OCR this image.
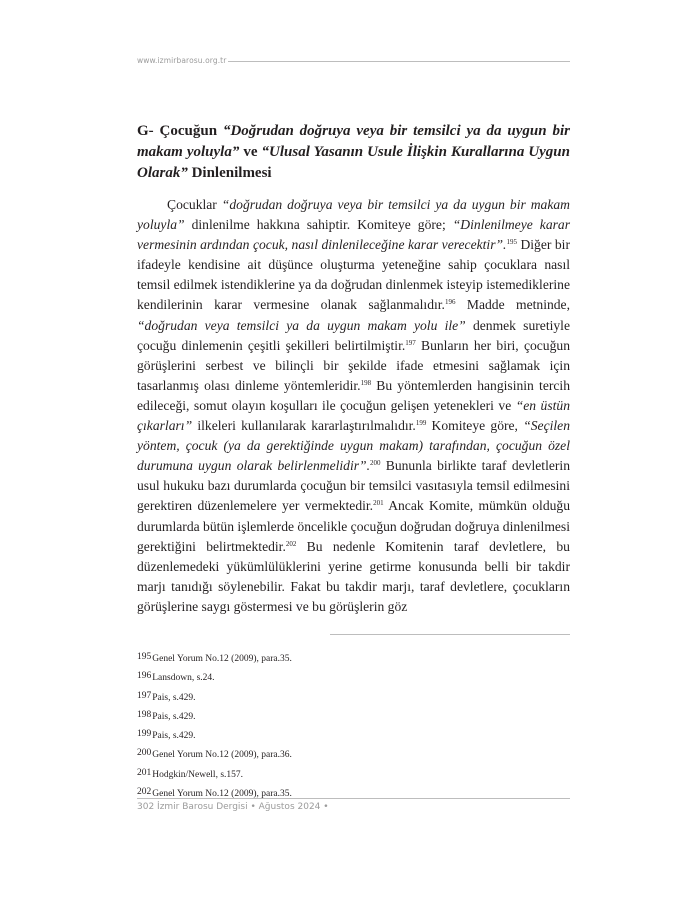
www.izmirbarosu.org.tr
G- Çocuğun “Doğrudan doğruya veya bir temsilci ya da uygun bir makam yoluyla” ve “Ulusal Yasanın Usule İlişkin Kurallarına Uygun Olarak” Dinlenilmesi

Çocuklar “doğrudan doğruya veya bir temsilci ya da uygun bir makam yoluyla” dinlenilme hakkına sahiptir. Komiteye göre; “Dinlenilmeye karar vermesinin ardından çocuk, nasıl dinlenileceğine karar verecektir”.$^{195}$ Diğer bir ifadeyle kendisine ait düşünce oluşturma yeteneğine sahip çocuklara nasıl temsil edilmek istendiklerine ya da doğrudan dinlenmek isteyip istemediklerine kendilerinin karar vermesine olanak sağlanmalıdır.$^{196}$ Madde metninde, “doğrudan veya temsilci ya da uygun makam yolu ile” denmek suretiyle çocuğu dinlemenin çeşitli şekilleri belirtilmiştir.$^{197}$ Bunların her biri, çocuğun görüşlerini serbest ve bilinçli bir şekilde ifade etmesini sağlamak için tasarlanmış olası dinleme yöntemleridir.$^{198}$ Bu yöntemlerden hangisinin tercih edileceği, somut olayın koşulları ile çocuğun gelişen yetenekleri ve “en üstün çıkarları” ilkeleri kullanılarak kararlaştırılmalıdır.$^{199}$ Komiteye göre, “Seçilen yöntem, çocuk (ya da gerektiğinde uygun makam) tarafından, çocuğun özel durumuna uygun olarak belirlenmelidir”.$^{200}$ Bununla birlikte taraf devletlerin usul hukuku bazı durumlarda çocuğun bir temsilci vasıtasıyla temsil edilmesini gerektiren düzenlemelere yer vermektedir.$^{201}$ Ancak Komite, mümkün olduğu durumlarda bütün işlemlerde öncelikle çocuğun doğrudan doğruya dinlenilmesi gerektiğini belirtmektedir.$^{202}$ Bu nedenle Komitenin taraf devletlere, bu düzenlemedeki yükümlülüklerini yerine getirme konusunda belli bir takdir marjı tanıdığı söylenebilir. Fakat bu takdir marjı, taraf devletlere, çocukların görüşlerine saygı göstermesi ve bu görüşlerin göz

$^{195}$Genel Yorum No.12 (2009), para.35.
$^{196}$Lansdown, s.24.
$^{197}$Pais, s.429.
$^{198}$Pais, s.429.
$^{199}$Pais, s.429.
$^{200}$Genel Yorum No.12 (2009), para.36.
$^{201}$Hodgkin/Newell, s.157.
$^{202}$Genel Yorum No.12 (2009), para.35.
302 İzmir Barosu Dergisi • Ağustos 2024 •
